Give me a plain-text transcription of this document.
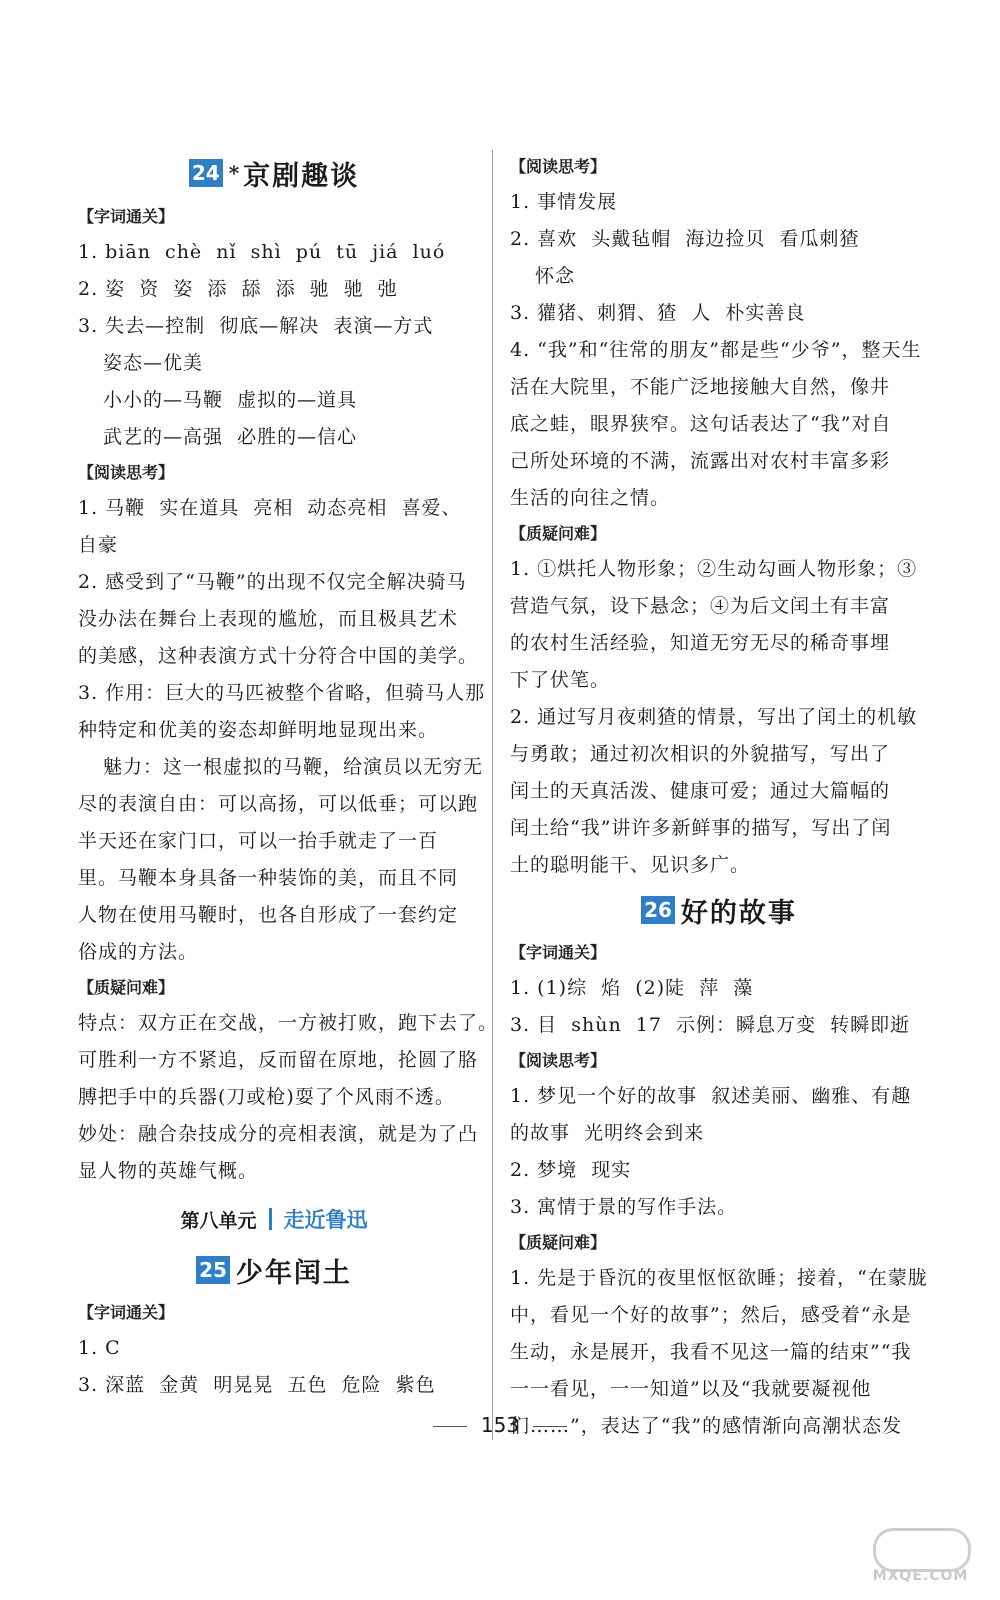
24 * 京剧趣谈
【字词通关】
1. biān  chè  nǐ  shì  pú  tū  jiá  luó
2. 姿  资  姿  添  舔  添  驰  驰  弛
3. 失去—控制  彻底—解决  表演—方式
姿态—优美
小小的—马鞭  虚拟的—道具
武艺的—高强  必胜的—信心
【阅读思考】
1. 马鞭  实在道具  亮相  动态亮相  喜爱、
自豪
2. 感受到了“马鞭”的出现不仅完全解决骑马
没办法在舞台上表现的尴尬，而且极具艺术
的美感，这种表演方式十分符合中国的美学。
3. 作用：巨大的马匹被整个省略，但骑马人那
种特定和优美的姿态却鲜明地显现出来。
魅力：这一根虚拟的马鞭，给演员以无穷无
尽的表演自由：可以高扬，可以低垂；可以跑
半天还在家门口，可以一抬手就走了一百
里。马鞭本身具备一种装饰的美，而且不同
人物在使用马鞭时，也各自形成了一套约定
俗成的方法。
【质疑问难】
特点：双方正在交战，一方被打败，跑下去了。
可胜利一方不紧追，反而留在原地，抡圆了胳
膊把手中的兵器(刀或枪)耍了个风雨不透。
妙处：融合杂技成分的亮相表演，就是为了凸
显人物的英雄气概。
第八单元 走近鲁迅
25 少年闰土
【字词通关】
1. C
3. 深蓝  金黄  明晃晃  五色  危险  紫色
【阅读思考】
1. 事情发展
2. 喜欢  头戴毡帽  海边捡贝  看瓜刺猹
怀念
3. 獾猪、刺猬、猹  人  朴实善良
4. “我”和“往常的朋友”都是些“少爷”，整天生
活在大院里，不能广泛地接触大自然，像井
底之蛙，眼界狭窄。这句话表达了“我”对自
己所处环境的不满，流露出对农村丰富多彩
生活的向往之情。
【质疑问难】
1. ①烘托人物形象；②生动勾画人物形象；③
营造气氛，设下悬念；④为后文闰土有丰富
的农村生活经验，知道无穷无尽的稀奇事埋
下了伏笔。
2. 通过写月夜刺猹的情景，写出了闰土的机敏
与勇敢；通过初次相识的外貌描写，写出了
闰土的天真活泼、健康可爱；通过大篇幅的
闰土给“我”讲许多新鲜事的描写，写出了闰
土的聪明能干、见识多广。
26 好的故事
【字词通关】
1. (1)综  焰  (2)陡  萍  藻
3. 目  shùn  17  示例：瞬息万变  转瞬即逝
【阅读思考】
1. 梦见一个好的故事  叙述美丽、幽雅、有趣
的故事  光明终会到来
2. 梦境  现实
3. 寓情于景的写作手法。
【质疑问难】
1. 先是于昏沉的夜里怄怄欲睡；接着，“在蒙胧
中，看见一个好的故事”；然后，感受着“永是
生动，永是展开，我看不见这一篇的结束”“我
一一看见，一一知道”以及“我就要凝视他
们……”，表达了“我”的感情渐向高潮状态发
153
MXQE.COM
